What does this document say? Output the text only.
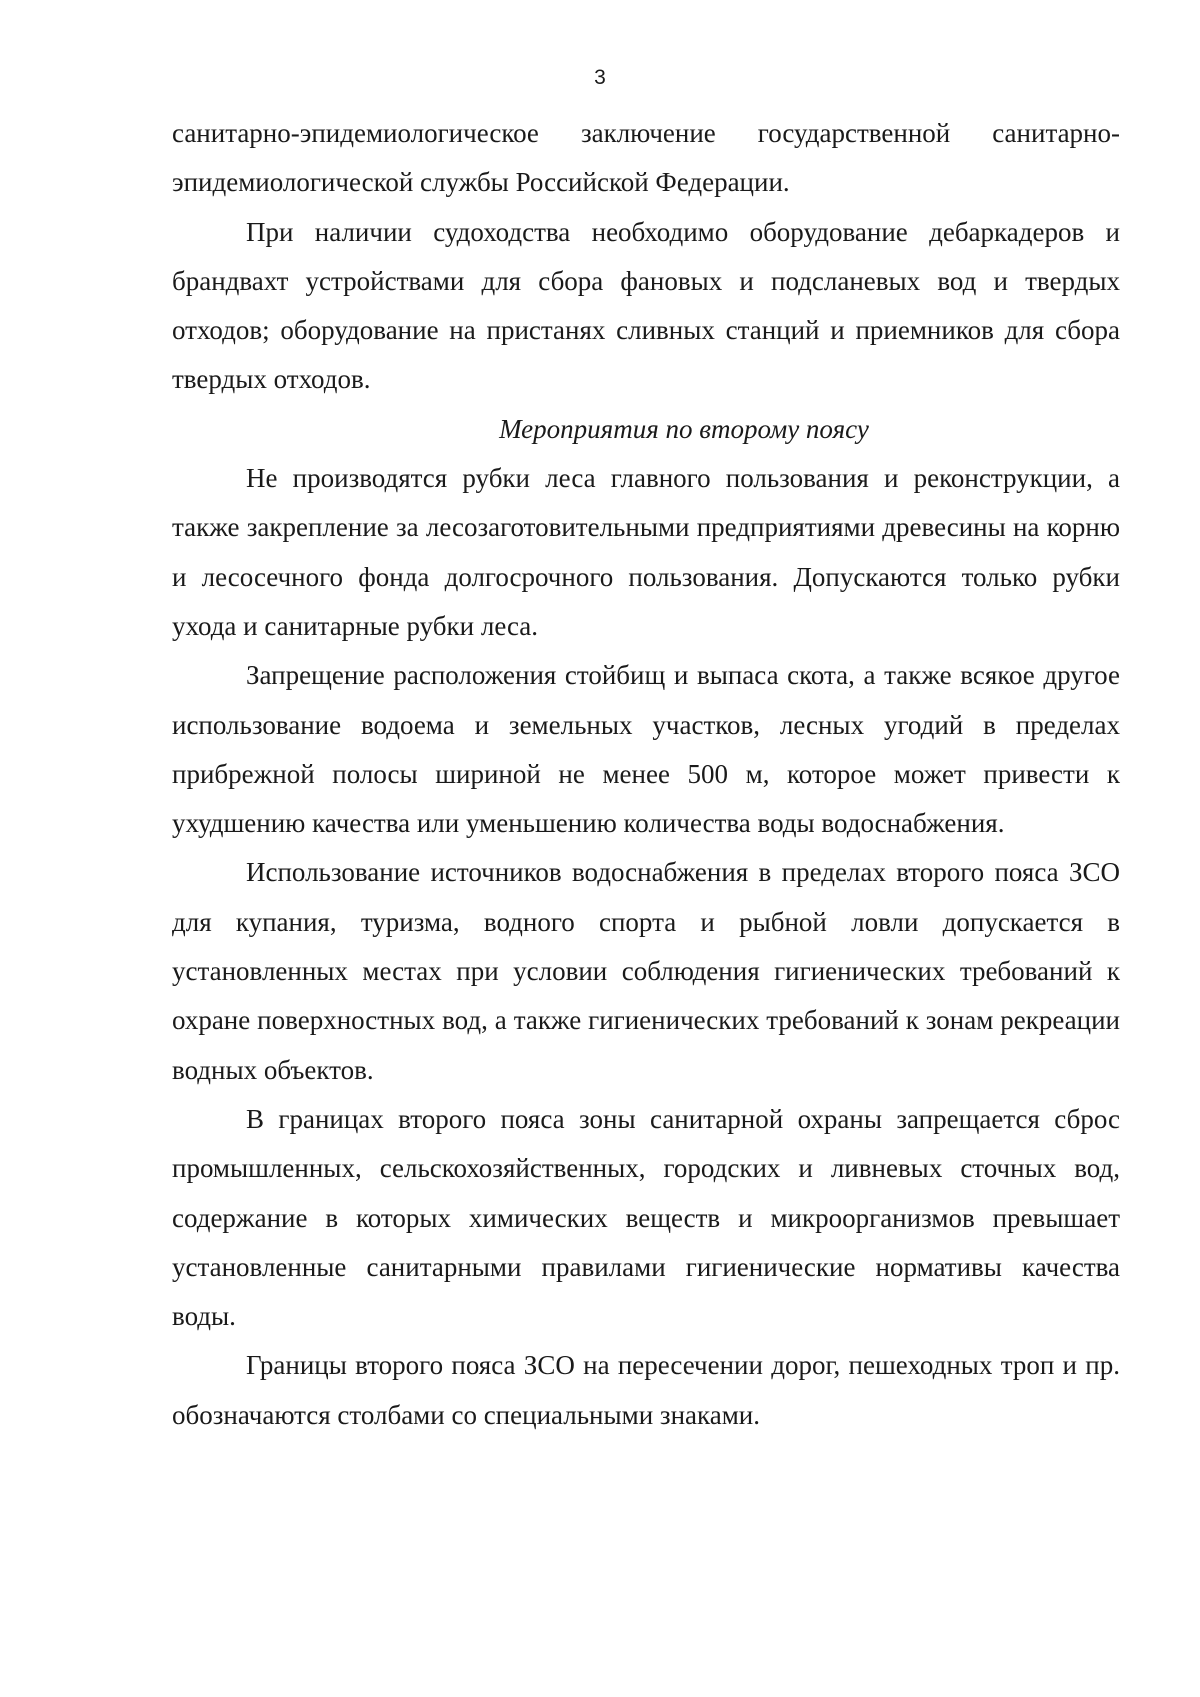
3

санитарно-эпидемиологическое заключение государственной санитарно-эпидемиологической службы Российской Федерации.

При наличии судоходства необходимо оборудование дебаркадеров и брандвахт устройствами для сбора фановых и подсланевых вод и твердых отходов; оборудование на пристанях сливных станций и приемников для сбора твердых отходов.

Мероприятия по второму поясу

Не производятся рубки леса главного пользования и реконструкции, а также закрепление за лесозаготовительными предприятиями древесины на корню и лесосечного фонда долгосрочного пользования. Допускаются только рубки ухода и санитарные рубки леса.

Запрещение расположения стойбищ и выпаса скота, а также всякое другое использование водоема и земельных участков, лесных угодий в пределах прибрежной полосы шириной не менее 500 м, которое может привести к ухудшению качества или уменьшению количества воды водоснабжения.

Использование источников водоснабжения в пределах второго пояса ЗСО для купания, туризма, водного спорта и рыбной ловли допускается в установленных местах при условии соблюдения гигиенических требований к охране поверхностных вод, а также гигиенических требований к зонам рекреации водных объектов.

В границах второго пояса зоны санитарной охраны запрещается сброс промышленных, сельскохозяйственных, городских и ливневых сточных вод, содержание в которых химических веществ и микроорганизмов превышает установленные санитарными правилами гигиенические нормативы качества воды.

Границы второго пояса ЗСО на пересечении дорог, пешеходных троп и пр. обозначаются столбами со специальными знаками.
